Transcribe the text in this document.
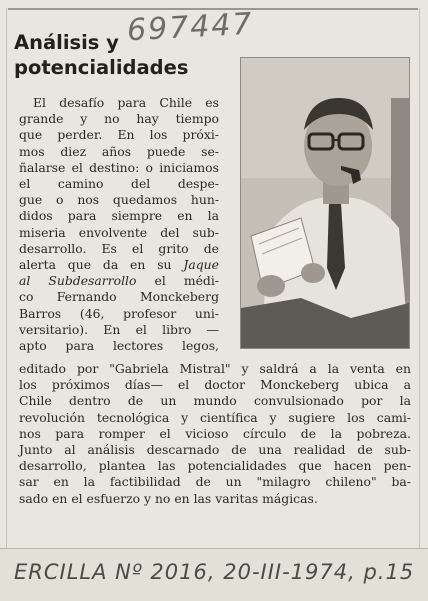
Análisis y
potencialidades
697447
El desafío para Chile es
grande y no hay tiempo
que perder. En los próxi-
mos diez años puede se-
ñalarse el destino: o iniciamos
el camino del despe-
gue o nos quedamos hun-
didos para siempre en la
miseria envolvente del sub-
desarrollo. Es el grito de
alerta que da en su Jaque
al Subdesarrollo el médi-
co Fernando Monckeberg
Barros (46, profesor uni-
versitario). En el libro —
apto para lectores legos,
editado por "Gabriela Mistral" y saldrá a la venta en
los próximos días— el doctor Monckeberg ubica a
Chile dentro de un mundo convulsionado por la
revolución tecnológica y científica y sugiere los cami-
nos para romper el vicioso círculo de la pobreza.
Junto al análisis descarnado de una realidad de sub-
desarrollo, plantea las potencialidades que hacen pen-
sar en la factibilidad de un "milagro chileno" ba-
sado en el esfuerzo y no en las varitas mágicas.
ERCILLA Nº 2016, 20-III-1974, p.15
